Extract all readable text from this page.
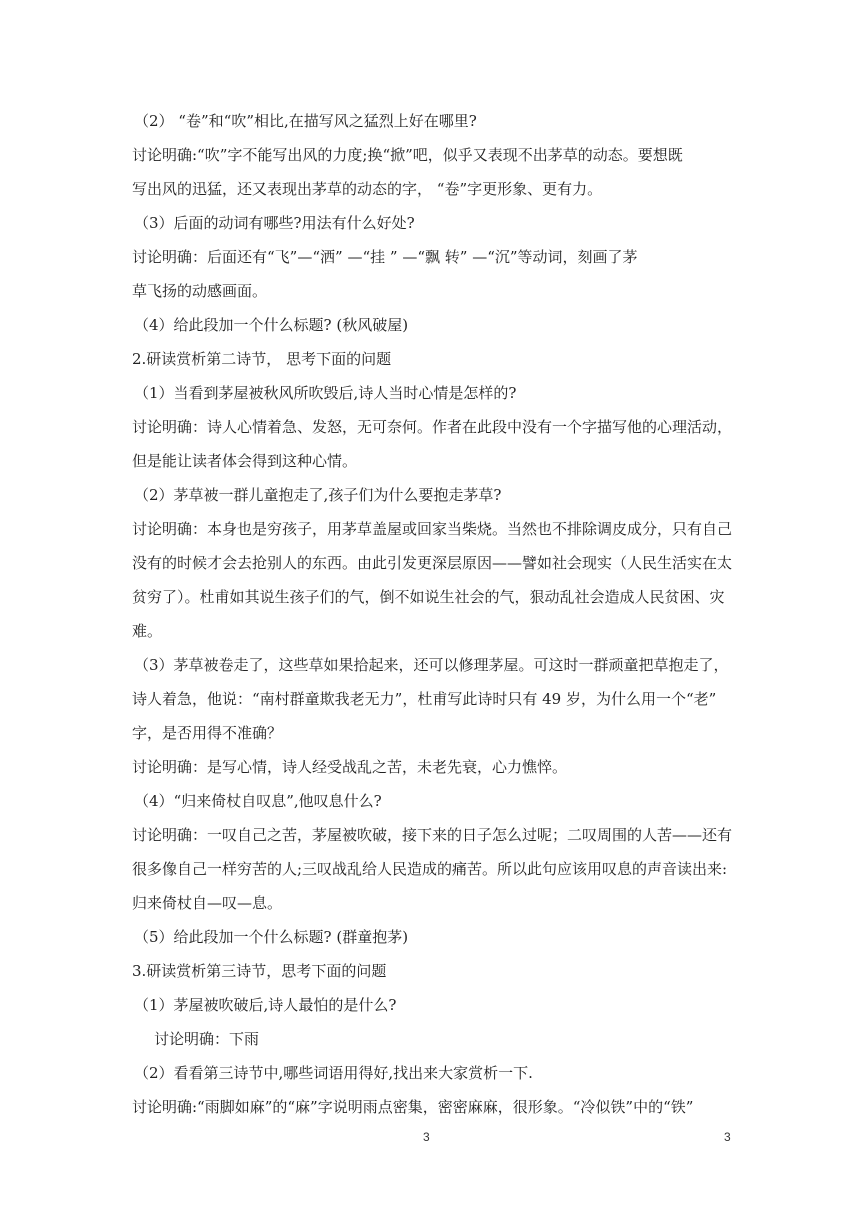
（2） “卷”和“吹”相比,在描写风之猛烈上好在哪里?
讨论明确:“吹”字不能写出风的力度;换“掀”吧，似乎又表现不出茅草的动态。要想既
写出风的迅猛，还又表现出茅草的动态的字， “卷”字更形象、更有力。
（3）后面的动词有哪些?用法有什么好处?
讨论明确：后面还有“飞”—“洒” —“挂 ” —“飘 转” —“沉”等动词，刻画了茅
草飞扬的动感画面。
（4）给此段加一个什么标题? (秋风破屋)
2.研读赏析第二诗节， 思考下面的问题
（1）当看到茅屋被秋风所吹毁后,诗人当时心情是怎样的?
讨论明确：诗人心情着急、发怒，无可奈何。作者在此段中没有一个字描写他的心理活动，
但是能让读者体会得到这种心情。
（2）茅草被一群儿童抱走了,孩子们为什么要抱走茅草?
讨论明确：本身也是穷孩子，用茅草盖屋或回家当柴烧。当然也不排除调皮成分，只有自己
没有的时候才会去抢别人的东西。由此引发更深层原因——譬如社会现实（人民生活实在太
贫穷了）。杜甫如其说生孩子们的气，倒不如说生社会的气，狠动乱社会造成人民贫困、灾
难。
（3）茅草被卷走了，这些草如果拾起来，还可以修理茅屋。可这时一群顽童把草抱走了，
诗人着急，他说：“南村群童欺我老无力”，杜甫写此诗时只有 49 岁，为什么用一个“老”
字，是否用得不准确？
讨论明确：是写心情，诗人经受战乱之苦，未老先衰，心力憔悴。
（4）“归来倚杖自叹息”,他叹息什么?
讨论明确：一叹自己之苦，茅屋被吹破，接下来的日子怎么过呢；二叹周围的人苦——还有
很多像自己一样穷苦的人;三叹战乱给人民造成的痛苦。所以此句应该用叹息的声音读出来:
归来倚杖自—叹—息。
（5）给此段加一个什么标题? (群童抱茅)
3.研读赏析第三诗节，思考下面的问题
（1）茅屋被吹破后,诗人最怕的是什么?
讨论明确：下雨
（2）看看第三诗节中,哪些词语用得好,找出来大家赏析一下.
讨论明确:“雨脚如麻”的“麻”字说明雨点密集，密密麻麻，很形象。“冷似铁”中的“铁”
3	3
